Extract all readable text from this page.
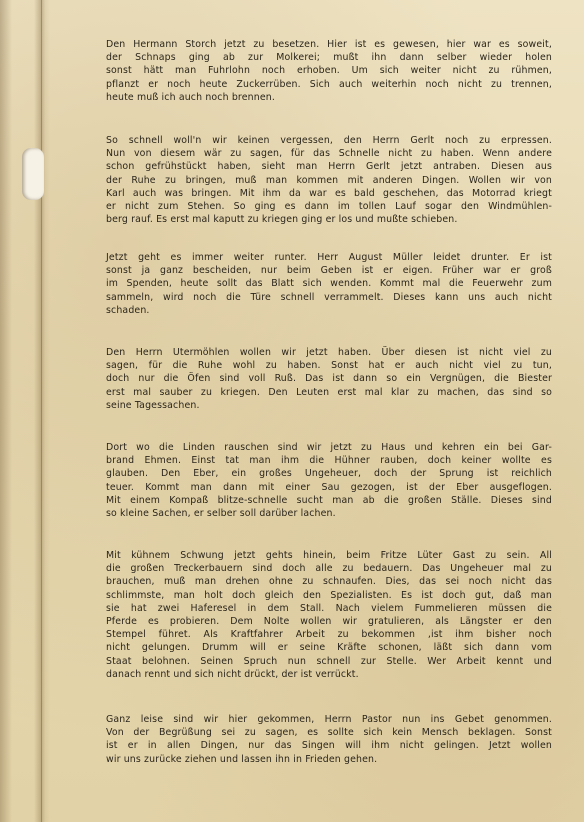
Den Hermann Storch jetzt zu besetzen. Hier ist es gewesen, hier war es soweit,
der Schnaps ging ab zur Molkerei; mußt ihn dann selber wieder holen
sonst hätt man Fuhrlohn noch erhoben. Um sich weiter nicht zu rühmen,
pflanzt er noch heute Zuckerrüben. Sich auch weiterhin noch nicht zu trennen,
heute muß ich auch noch brennen.
So schnell woll'n wir keinen vergessen, den Herrn Gerlt noch zu erpressen.
Nun von diesem wär zu sagen, für das Schnelle nicht zu haben. Wenn andere
schon gefrühstückt haben, sieht man Herrn Gerlt jetzt antraben. Diesen aus
der Ruhe zu bringen, muß man kommen mit anderen Dingen. Wollen wir von
Karl auch was bringen. Mit ihm da war es bald geschehen, das Motorrad kriegt
er nicht zum Stehen. So ging es dann im tollen Lauf sogar den Windmühlen-
berg rauf. Es erst mal kaputt zu kriegen ging er los und mußte schieben.
Jetzt geht es immer weiter runter. Herr August Müller leidet drunter. Er ist
sonst ja ganz bescheiden, nur beim Geben ist er eigen. Früher war er groß
im Spenden, heute sollt das Blatt sich wenden. Kommt mal die Feuerwehr zum
sammeln, wird noch die Türe schnell verrammelt. Dieses kann uns auch nicht
schaden.
Den Herrn Utermöhlen wollen wir jetzt haben. Über diesen ist nicht viel zu
sagen, für die Ruhe wohl zu haben. Sonst hat er auch nicht viel zu tun,
doch nur die Öfen sind voll Ruß. Das ist dann so ein Vergnügen, die Biester
erst mal sauber zu kriegen. Den Leuten erst mal klar zu machen, das sind so
seine Tagessachen.
Dort wo die Linden rauschen sind wir jetzt zu Haus und kehren ein bei Gar-
brand Ehmen. Einst tat man ihm die Hühner rauben, doch keiner wollte es
glauben. Den Eber, ein großes Ungeheuer, doch der Sprung ist reichlich
teuer. Kommt man dann mit einer Sau gezogen, ist der Eber ausgeflogen.
Mit einem Kompaß blitze-schnelle sucht man ab die großen Ställe. Dieses sind
so kleine Sachen, er selber soll darüber lachen.
Mit kühnem Schwung jetzt gehts hinein, beim Fritze Lüter Gast zu sein. All
die großen Treckerbauern sind doch alle zu bedauern. Das Ungeheuer mal zu
brauchen, muß man drehen ohne zu schnaufen. Dies, das sei noch nicht das
schlimmste, man holt doch gleich den Spezialisten. Es ist doch gut, daß man
sie hat zwei Haferesel in dem Stall. Nach vielem Fummelieren müssen die
Pferde es probieren. Dem Nolte wollen wir gratulieren, als Längster er den
Stempel führet. Als Kraftfahrer Arbeit zu bekommen ,ist ihm bisher noch
nicht gelungen. Drumm will er seine Kräfte schonen, läßt sich dann vom
Staat belohnen. Seinen Spruch nun schnell zur Stelle. Wer Arbeit kennt und
danach rennt und sich nicht drückt, der ist verrückt.
Ganz leise sind wir hier gekommen, Herrn Pastor nun ins Gebet genommen.
Von der Begrüßung sei zu sagen, es sollte sich kein Mensch beklagen. Sonst
ist er in allen Dingen, nur das Singen will ihm nicht gelingen. Jetzt wollen
wir uns zurücke ziehen und lassen ihn in Frieden gehen.
